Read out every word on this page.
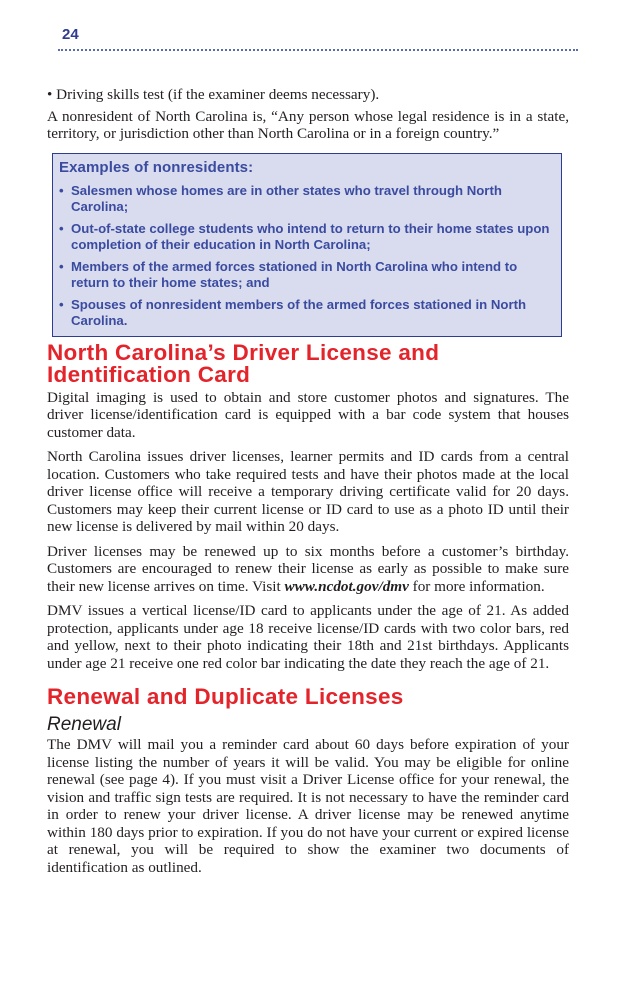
24

• Driving skills test (if the examiner deems necessary).

A nonresident of North Carolina is, “Any person whose legal residence is in a state, territory, or jurisdiction other than North Carolina or in a foreign country.”

Examples of nonresidents:
• Salesmen whose homes are in other states who travel through North Carolina;
• Out-of-state college students who intend to return to their home states upon completion of their education in North Carolina;
• Members of the armed forces stationed in North Carolina who intend to return to their home states; and
• Spouses of nonresident members of the armed forces stationed in North Carolina.
North Carolina’s Driver License and
Identification Card

Digital imaging is used to obtain and store customer photos and signatures. The driver license/identification card is equipped with a bar code system that houses customer data.

North Carolina issues driver licenses, learner permits and ID cards from a central location. Customers who take required tests and have their photos made at the local driver license office will receive a temporary driving certificate valid for 20 days. Customers may keep their current license or ID card to use as a photo ID until their new license is delivered by mail within 20 days.

Driver licenses may be renewed up to six months before a customer’s birthday. Customers are encouraged to renew their license as early as possible to make sure their new license arrives on time. Visit www.ncdot.gov/dmv for more information.

DMV issues a vertical license/ID card to applicants under the age of 21. As added protection, applicants under age 18 receive license/ID cards with two color bars, red and yellow, next to their photo indicating their 18th and 21st birthdays. Applicants under age 21 receive one red color bar indicating the date they reach the age of 21.

Renewal and Duplicate Licenses
Renewal

The DMV will mail you a reminder card about 60 days before expiration of your license listing the number of years it will be valid. You may be eligible for online renewal (see page 4). If you must visit a Driver License office for your renewal, the vision and traffic sign tests are required. It is not necessary to have the reminder card in order to renew your driver license. A driver license may be renewed anytime within 180 days prior to expiration. If you do not have your current or expired license at renewal, you will be required to show the examiner two documents of identification as outlined.
